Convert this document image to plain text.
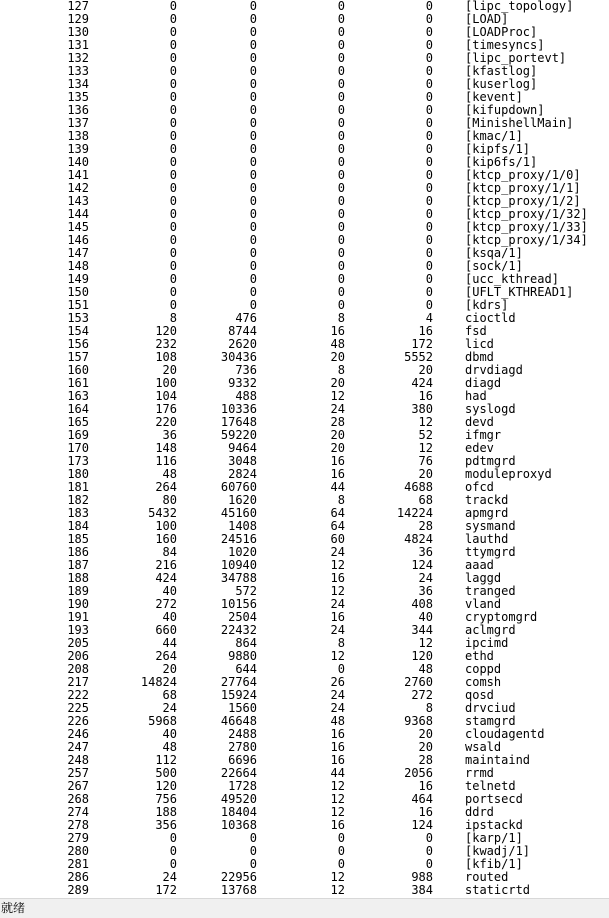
127	0	0	0	0	[lipc_topology]
129	0	0	0	0	[LOAD]
130	0	0	0	0	[LOADProc]
131	0	0	0	0	[timesyncs]
132	0	0	0	0	[lipc_portevt]
133	0	0	0	0	[kfastlog]
134	0	0	0	0	[kuserlog]
135	0	0	0	0	[kevent]
136	0	0	0	0	[kifupdown]
137	0	0	0	0	[MinishellMain]
138	0	0	0	0	[kmac/1]
139	0	0	0	0	[kipfs/1]
140	0	0	0	0	[kip6fs/1]
141	0	0	0	0	[ktcp_proxy/1/0]
142	0	0	0	0	[ktcp_proxy/1/1]
143	0	0	0	0	[ktcp_proxy/1/2]
144	0	0	0	0	[ktcp_proxy/1/32]
145	0	0	0	0	[ktcp_proxy/1/33]
146	0	0	0	0	[ktcp_proxy/1/34]
147	0	0	0	0	[ksqa/1]
148	0	0	0	0	[sock/1]
149	0	0	0	0	[ucc_kthread]
150	0	0	0	0	[UFLT_KTHREAD1]
151	0	0	0	0	[kdrs]
153	8	476	8	4	cioctld
154	120	8744	16	16	fsd
156	232	2620	48	172	licd
157	108	30436	20	5552	dbmd
160	20	736	8	20	drvdiagd
161	100	9332	20	424	diagd
163	104	488	12	16	had
164	176	10336	24	380	syslogd
165	220	17648	28	12	devd
169	36	59220	20	52	ifmgr
170	148	9464	20	12	edev
173	116	3048	16	76	pdtmgrd
180	48	2824	16	20	moduleproxyd
181	264	60760	44	4688	ofcd
182	80	1620	8	68	trackd
183	5432	45160	64	14224	apmgrd
184	100	1408	64	28	sysmand
185	160	24516	60	4824	lauthd
186	84	1020	24	36	ttymgrd
187	216	10940	12	124	aaad
188	424	34788	16	24	laggd
189	40	572	12	36	tranged
190	272	10156	24	408	vland
191	40	2504	16	40	cryptomgrd
193	660	22432	24	344	aclmgrd
205	44	864	8	12	ipcimd
206	264	9880	12	120	ethd
208	20	644	0	48	coppd
217	14824	27764	26	2760	comsh
222	68	15924	24	272	qosd
225	24	1560	24	8	drvciud
226	5968	46648	48	9368	stamgrd
246	40	2488	16	20	cloudagentd
247	48	2780	16	20	wsald
248	112	6696	16	28	maintaind
257	500	22664	44	2056	rrmd
267	120	1728	12	16	telnetd
268	756	49520	12	464	portsecd
274	188	18404	12	16	ddrd
278	356	10368	16	124	ipstackd
279	0	0	0	0	[karp/1]
280	0	0	0	0	[kwadj/1]
281	0	0	0	0	[kfib/1]
286	24	22956	12	988	routed
289	172	13768	12	384	staticrtd
就绪
